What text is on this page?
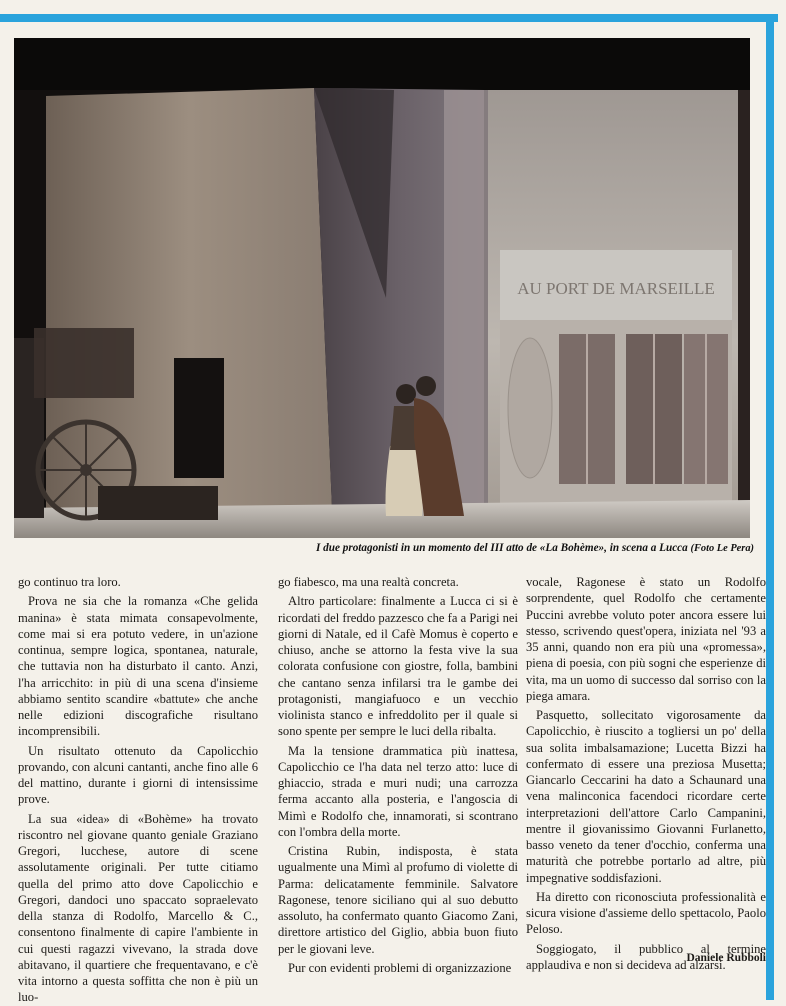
AU PORT DE MARSEILLE
I due protagonisti in un momento del III atto de «La Bohème», in scena a Lucca (Foto Le Pera)

go continuo tra loro.

Prova ne sia che la romanza «Che gelida manina» è stata mimata consapevolmente, come mai si era potuto vedere, in un'azione continua, sempre logica, spontanea, naturale, che tuttavia non ha disturbato il canto. Anzi, l'ha arricchito: in più di una scena d'insieme abbiamo sentito scandire «battute» che anche nelle edizioni discografiche risultano incomprensibili.

Un risultato ottenuto da Capolicchio provando, con alcuni cantanti, anche fino alle 6 del mattino, durante i giorni di intensissime prove.

La sua «idea» di «Bohème» ha trovato riscontro nel giovane quanto geniale Graziano Gregori, lucchese, autore di scene assolutamente originali. Per tutte citiamo quella del primo atto dove Capolicchio e Gregori, dandoci uno spaccato sopraelevato della stanza di Rodolfo, Marcello & C., consentono finalmente di capire l'ambiente in cui questi ragazzi vivevano, la strada dove abitavano, il quartiere che frequentavano, e c'è vita intorno a questa soffitta che non è più un luo-

go fiabesco, ma una realtà concreta.

Altro particolare: finalmente a Lucca ci si è ricordati del freddo pazzesco che fa a Parigi nei giorni di Natale, ed il Cafè Momus è coperto e chiuso, anche se attorno la festa vive la sua colorata confusione con giostre, folla, bambini che cantano senza infilarsi tra le gambe dei protagonisti, mangiafuoco e un vecchio violinista stanco e infreddolito per il quale si sono spente per sempre le luci della ribalta.

Ma la tensione drammatica più inattesa, Capolicchio ce l'ha data nel terzo atto: luce di ghiaccio, strada e muri nudi; una carrozza ferma accanto alla posteria, e l'angoscia di Mimì e Rodolfo che, innamorati, si scontrano con l'ombra della morte.

Cristina Rubin, indisposta, è stata ugualmente una Mimì al profumo di violette di Parma: delicatamente femminile. Salvatore Ragonese, tenore siciliano qui al suo debutto assoluto, ha confermato quanto Giacomo Zani, direttore artistico del Giglio, abbia buon fiuto per le giovani leve.

Pur con evidenti problemi di organizzazione

vocale, Ragonese è stato un Rodolfo sorprendente, quel Rodolfo che certamente Puccini avrebbe voluto poter ancora essere lui stesso, scrivendo quest'opera, iniziata nel '93 a 35 anni, quando non era più una «promessa», piena di poesia, con più sogni che esperienze di vita, ma un uomo di successo dal sorriso con la piega amara.

Pasquetto, sollecitato vigorosamente da Capolicchio, è riuscito a togliersi un po' della sua solita imbalsamazione; Lucetta Bizzi ha confermato di essere una preziosa Musetta; Giancarlo Ceccarini ha dato a Schaunard una vena malinconica facendoci ricordare certe interpretazioni dell'attore Carlo Campanini, mentre il giovanissimo Giovanni Furlanetto, basso veneto da tener d'occhio, conferma una maturità che potrebbe portarlo ad altre, più impegnative soddisfazioni.

Ha diretto con riconosciuta professionalità e sicura visione d'assieme dello spettacolo, Paolo Peloso.

Soggiogato, il pubblico al termine applaudiva e non si decideva ad alzarsi.

Daniele Rubboli
